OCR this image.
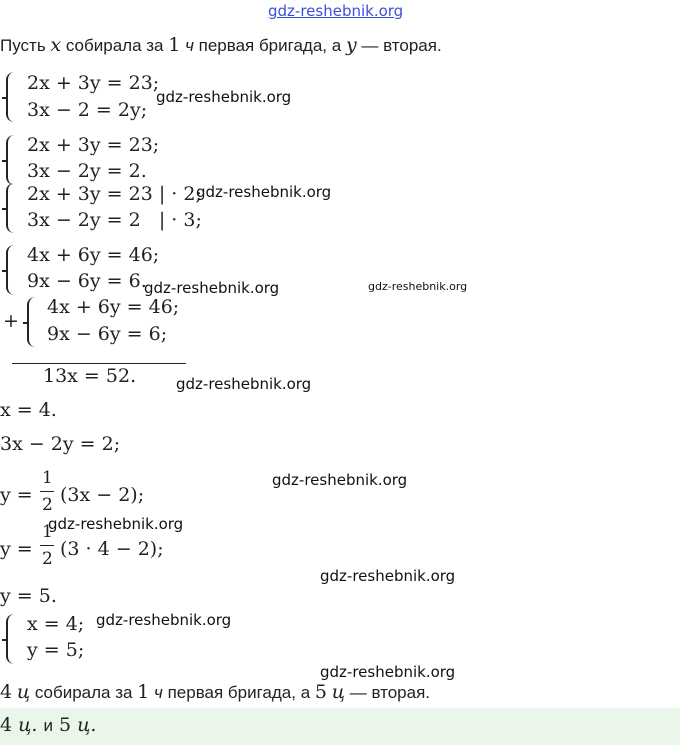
gdz-reshebnik.org
Пусть x собирала за 1 ч первая бригада, а y — вторая.
2x + 3y = 23;
3x − 2 = 2y;
gdz-reshebnik.org
2x + 3y = 23;
3x − 2y = 2.
2x + 3y = 23 | · 2;
3x − 2y = 2   | · 3;
gdz-reshebnik.org
4x + 6y = 46;
9x − 6y = 6.
gdz-reshebnik.org	gdz-reshebnik.org
+
4x + 6y = 46;
9x − 6y = 6;
13x = 52.	gdz-reshebnik.org
x = 4.
3x − 2y = 2;
y =
1
2 (3x − 2);
gdz-reshebnik.org
gdz-reshebnik.org
y =
1
2 (3 · 4 − 2);
gdz-reshebnik.org
y = 5.
x = 4;
y = 5;
gdz-reshebnik.org
gdz-reshebnik.org
4 ц собирала за 1 ч первая бригада, а 5 ц — вторая.
4 ц. и 5 ц.
